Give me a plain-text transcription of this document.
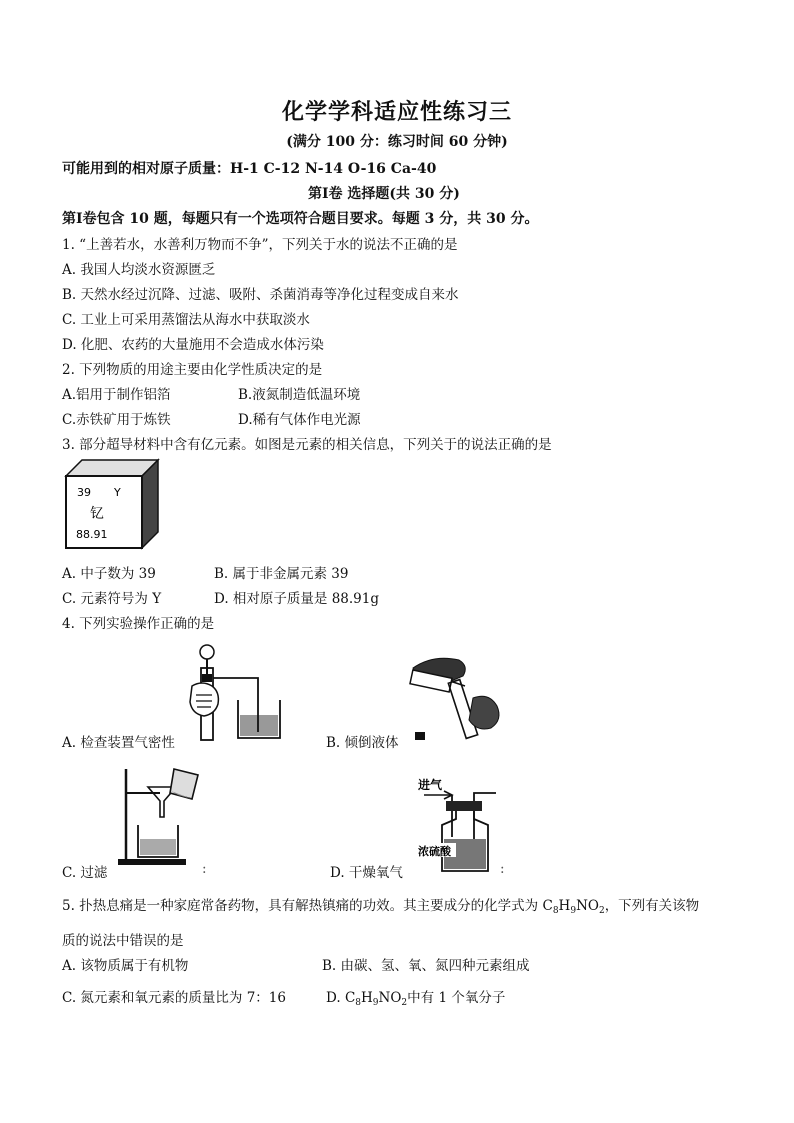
化学学科适应性练习三
(满分 100 分：练习时间 60 分钟)
可能用到的相对原子质量：H-1 C-12 N-14 O-16 Ca-40
第Ⅰ卷 选择题(共 30 分)
第Ⅰ卷包含 10 题，每题只有一个选项符合题目要求。每题 3 分，共 30 分。
1. “上善若水，水善利万物而不争”，下列关于水的说法不正确的是
A. 我国人均淡水资源匮乏
B. 天然水经过沉降、过滤、吸附、杀菌消毒等净化过程变成自来水
C. 工业上可采用蒸馏法从海水中获取淡水
D. 化肥、农药的大量施用不会造成水体污染
2. 下列物质的用途主要由化学性质决定的是
A.铝用于制作铝箔	B.液氮制造低温环境
C.赤铁矿用于炼铁	D.稀有气体作电光源
3. 部分超导材料中含有亿元素。如图是元素的相关信息，下列关于的说法正确的是
39 Y
钇
88.91
A. 中子数为 39	B. 属于非金属元素 39
C. 元素符号为 Y	D. 相对原子质量是 88.91g
4. 下列实验操作正确的是
A. 检查装置气密性	B. 倾倒液体
C. 过滤	:
进气
浓硫酸
D. 干燥氧气	:
5. 扑热息痛是一种家庭常备药物，具有解热镇痛的功效。其主要成分的化学式为 $C_8H_9NO_2$，下列有关该物
质的说法中错误的是
A. 该物质属于有机物	B. 由碳、氢、氧、氮四种元素组成
C. 氮元素和氧元素的质量比为 7：16	D. $C_8H_9NO_2$中有 1 个氧分子
